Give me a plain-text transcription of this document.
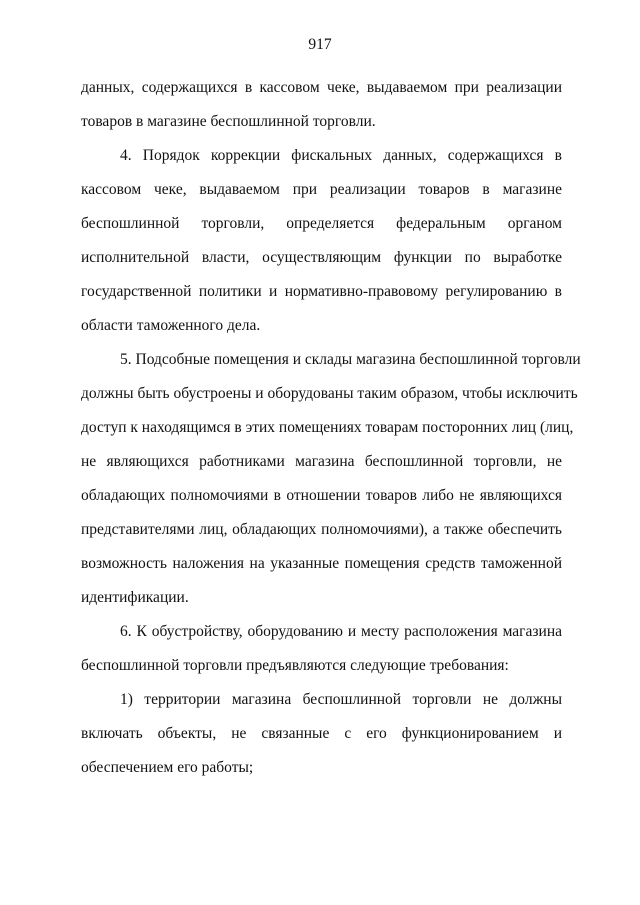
917
данных, содержащихся в кассовом чеке, выдаваемом при реализации
товаров в магазине беспошлинной торговли.
4. Порядок коррекции фискальных данных, содержащихся в
кассовом чеке, выдаваемом при реализации товаров в магазине
беспошлинной торговли, определяется федеральным органом
исполнительной власти, осуществляющим функции по выработке
государственной политики и нормативно-правовому регулированию в
области таможенного дела.
5. Подсобные помещения и склады магазина беспошлинной торговли
должны быть обустроены и оборудованы таким образом, чтобы исключить
доступ к находящимся в этих помещениях товарам посторонних лиц (лиц,
не являющихся работниками магазина беспошлинной торговли, не
обладающих полномочиями в отношении товаров либо не являющихся
представителями лиц, обладающих полномочиями), а также обеспечить
возможность наложения на указанные помещения средств таможенной
идентификации.
6. К обустройству, оборудованию и месту расположения магазина
беспошлинной торговли предъявляются следующие требования:
1) территории магазина беспошлинной торговли не должны
включать объекты, не связанные с его функционированием и
обеспечением его работы;
